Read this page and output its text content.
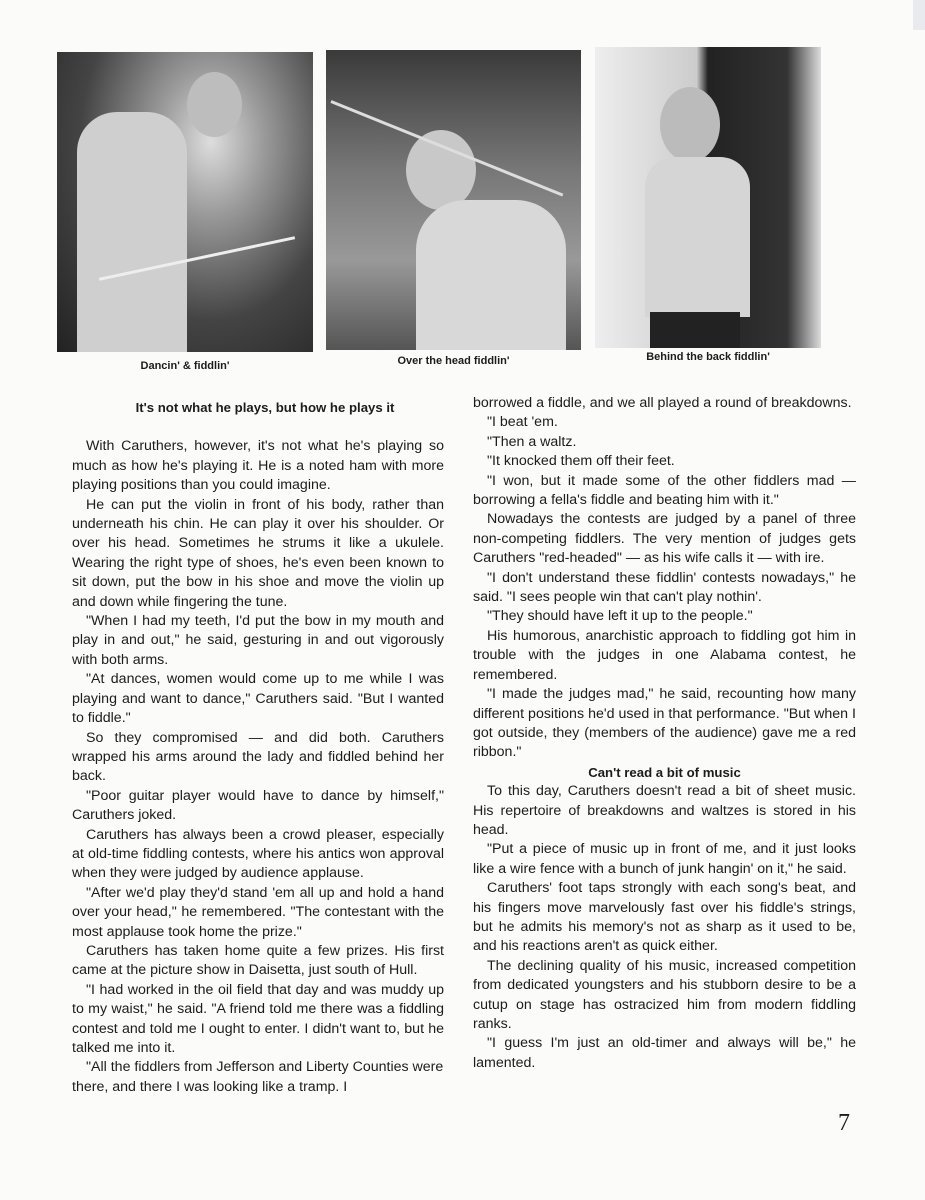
Dancin' & fiddlin'	Over the head fiddlin'	Behind the back fiddlin'

It's not what he plays, but how he plays it

With Caruthers, however, it's not what he's playing so much as how he's playing it. He is a noted ham with more playing positions than you could imagine.

He can put the violin in front of his body, rather than underneath his chin. He can play it over his shoulder. Or over his head. Sometimes he strums it like a ukulele. Wearing the right type of shoes, he's even been known to sit down, put the bow in his shoe and move the violin up and down while fingering the tune.

"When I had my teeth, I'd put the bow in my mouth and play in and out," he said, gesturing in and out vigorously with both arms.

"At dances, women would come up to me while I was playing and want to dance," Caruthers said. "But I wanted to fiddle."

So they compromised — and did both. Caruthers wrapped his arms around the lady and fiddled behind her back.

"Poor guitar player would have to dance by himself," Caruthers joked.

Caruthers has always been a crowd pleaser, especially at old-time fiddling contests, where his antics won approval when they were judged by audience applause.

"After we'd play they'd stand 'em all up and hold a hand over your head," he remembered. "The contestant with the most applause took home the prize."

Caruthers has taken home quite a few prizes. His first came at the picture show in Daisetta, just south of Hull.

"I had worked in the oil field that day and was muddy up to my waist," he said. "A friend told me there was a fiddling contest and told me I ought to enter. I didn't want to, but he talked me into it.

"All the fiddlers from Jefferson and Liberty Counties were there, and there I was looking like a tramp. I

borrowed a fiddle, and we all played a round of breakdowns.

"I beat 'em.

"Then a waltz.

"It knocked them off their feet.

"I won, but it made some of the other fiddlers mad — borrowing a fella's fiddle and beating him with it."

Nowadays the contests are judged by a panel of three non-competing fiddlers. The very mention of judges gets Caruthers "red-headed" — as his wife calls it — with ire.

"I don't understand these fiddlin' contests nowadays," he said. "I sees people win that can't play nothin'.

"They should have left it up to the people."

His humorous, anarchistic approach to fiddling got him in trouble with the judges in one Alabama contest, he remembered.

"I made the judges mad," he said, recounting how many different positions he'd used in that performance. "But when I got outside, they (members of the audience) gave me a red ribbon."

Can't read a bit of music

To this day, Caruthers doesn't read a bit of sheet music. His repertoire of breakdowns and waltzes is stored in his head.

"Put a piece of music up in front of me, and it just looks like a wire fence with a bunch of junk hangin' on it," he said.

Caruthers' foot taps strongly with each song's beat, and his fingers move marvelously fast over his fiddle's strings, but he admits his memory's not as sharp as it used to be, and his reactions aren't as quick either.

The declining quality of his music, increased competition from dedicated youngsters and his stubborn desire to be a cutup on stage has ostracized him from modern fiddling ranks.

"I guess I'm just an old-timer and always will be," he lamented.

7
